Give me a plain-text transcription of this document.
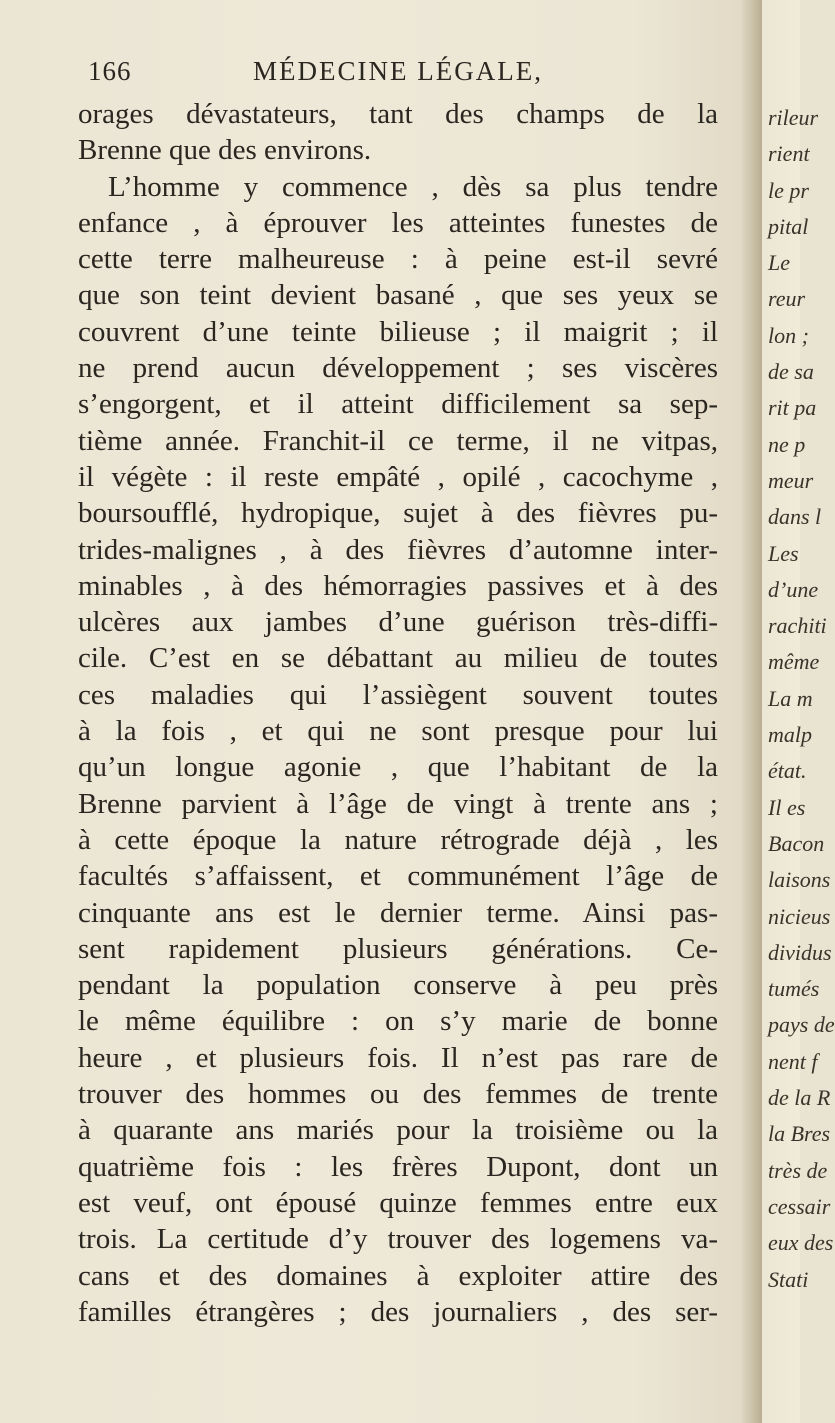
166	MÉDECINE LÉGALE,
orages dévastateurs, tant des champs de la
Brenne que des environs.
L’homme y commence , dès sa plus tendre
enfance , à éprouver les atteintes funestes de
cette terre malheureuse : à peine est-il sevré
que son teint devient basané , que ses yeux se
couvrent d’une teinte bilieuse ; il maigrit ; il
ne prend aucun développement ; ses viscères
s’engorgent, et il atteint difficilement sa sep-
tième année. Franchit-il ce terme, il ne vitpas,
il végète : il reste empâté , opilé , cacochyme ,
boursoufflé, hydropique, sujet à des fièvres pu-
trides-malignes , à des fièvres d’automne inter-
minables , à des hémorragies passives et à des
ulcères aux jambes d’une guérison très-diffi-
cile. C’est en se débattant au milieu de toutes
ces maladies qui l’assiègent souvent toutes
à la fois , et qui ne sont presque pour lui
qu’un longue agonie , que l’habitant de la
Brenne parvient à l’âge de vingt à trente ans ;
à cette époque la nature rétrograde déjà , les
facultés s’affaissent, et communément l’âge de
cinquante ans est le dernier terme. Ainsi pas-
sent rapidement plusieurs générations. Ce-
pendant la population conserve à peu près
le même équilibre : on s’y marie de bonne
heure , et plusieurs fois. Il n’est pas rare de
trouver des hommes ou des femmes de trente
à quarante ans mariés pour la troisième ou la
quatrième fois : les frères Dupont, dont un
est veuf, ont épousé quinze femmes entre eux
trois. La certitude d’y trouver des logemens va-
cans et des domaines à exploiter attire des
familles étrangères ; des journaliers , des ser-
rileur
rient
le pr
pital
Le
reur
lon ;
de sa
rit pa
ne p
meur
dans l
Les
d’une
rachiti
même
La m
malp
état.
Il es
Bacon
laisons
nicieus
dividus
tumés
pays de
nent f
de la R
la Bres
très de
cessair
eux des
Stati
